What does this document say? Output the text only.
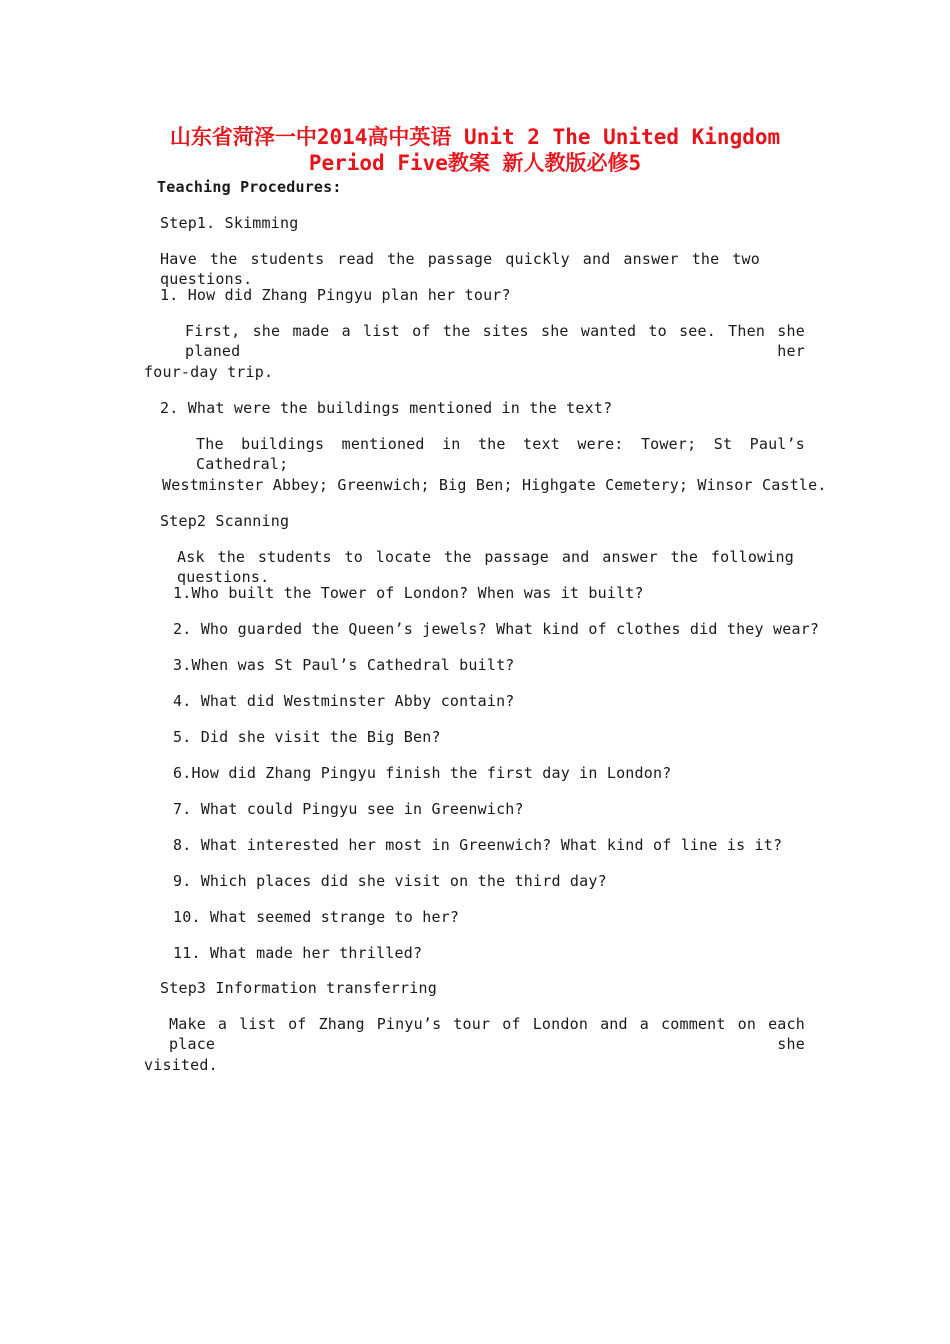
山东省菏泽一中2014高中英语 Unit 2 The United Kingdom
Period Five教案 新人教版必修5
Teaching Procedures:
Step1. Skimming
Have the students read the passage quickly and answer the two questions.
1. How did Zhang Pingyu plan her tour?
First, she made a list of the sites she wanted to see. Then she planed her
four-day trip.
2. What were the buildings mentioned in the text?
The buildings mentioned in the text were: Tower; St Paul’s Cathedral;
Westminster Abbey; Greenwich; Big Ben; Highgate Cemetery; Winsor Castle.
Step2 Scanning
Ask the students to locate the passage and answer the following questions.
1.Who built the Tower of London? When was it built?
2. Who guarded the Queen’s jewels? What kind of clothes did they wear?
3.When was St Paul’s Cathedral built?
4. What did Westminster Abby contain?
5. Did she visit the Big Ben?
6.How did Zhang Pingyu finish the first day in London?
7. What could Pingyu see in Greenwich?
8. What interested her most in Greenwich? What kind of line is it?
9. Which places did she visit on the third day?
10. What seemed strange to her?
11. What made her thrilled?
Step3 Information transferring
Make a list of Zhang Pinyu’s tour of London and a comment on each place she
visited.
